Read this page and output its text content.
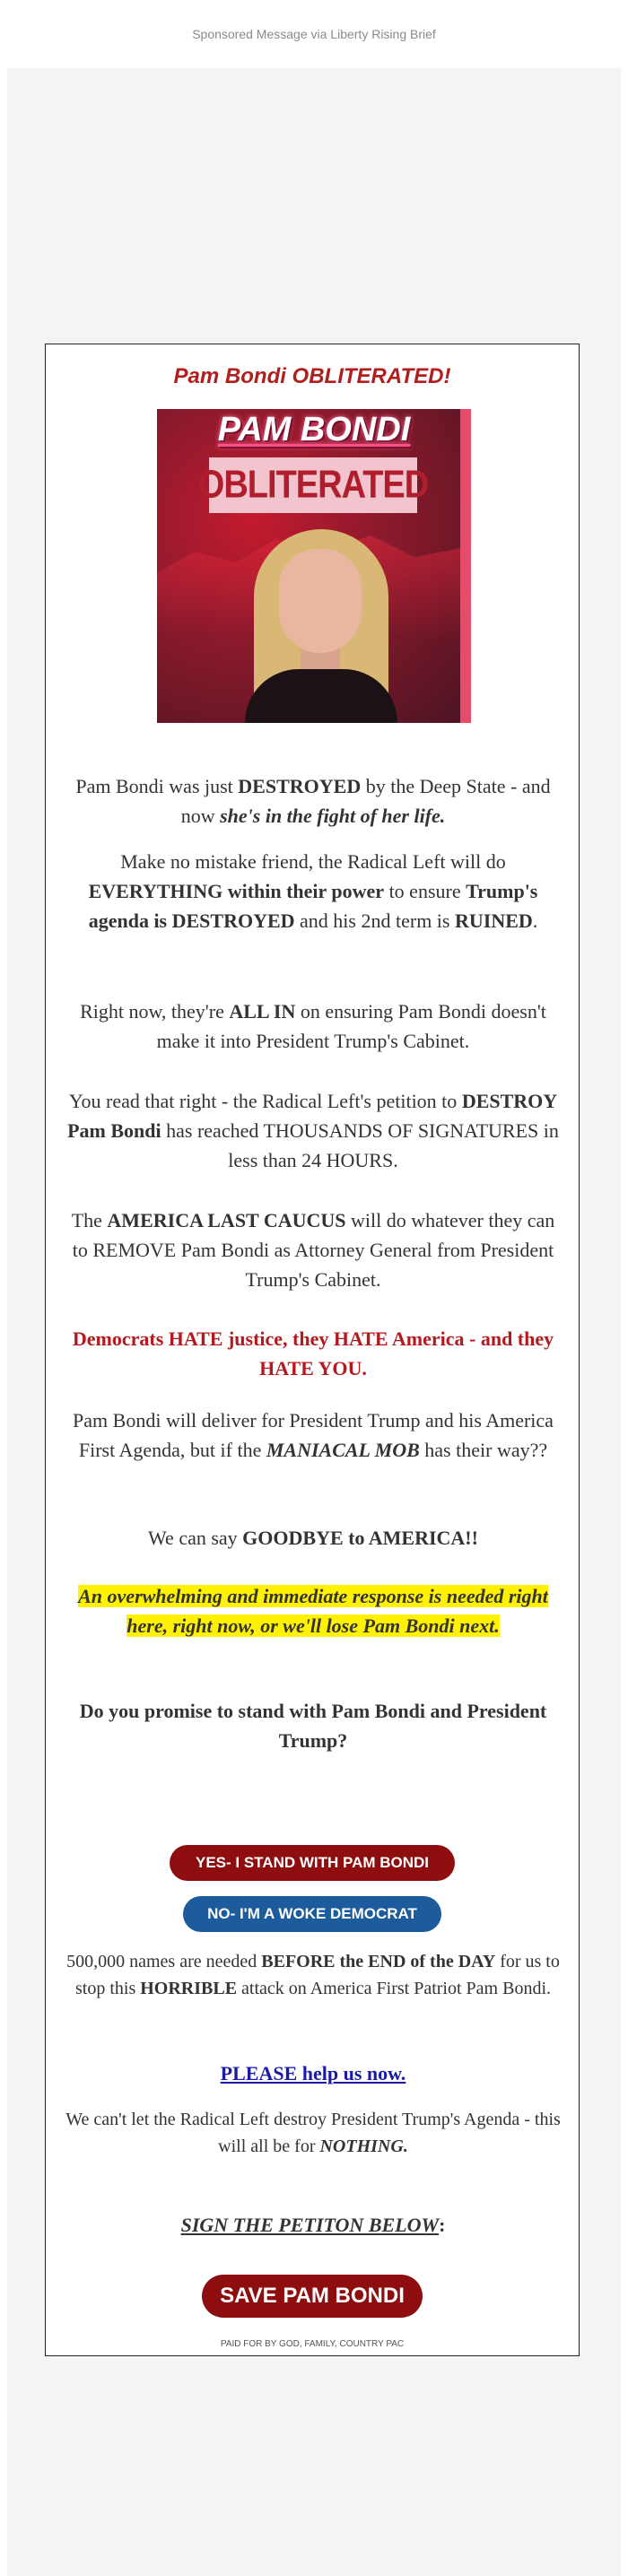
Sponsored Message via Liberty Rising Brief
Pam Bondi OBLITERATED!
PAM BONDI
OBLITERATED
Pam Bondi was just DESTROYED by the Deep State - and now she's in the fight of her life.
Make no mistake friend, the Radical Left will do EVERYTHING within their power to ensure Trump's agenda is DESTROYED and his 2nd term is RUINED.
Right now, they're ALL IN on ensuring Pam Bondi doesn't make it into President Trump's Cabinet.
You read that right - the Radical Left's petition to DESTROY Pam Bondi has reached THOUSANDS OF SIGNATURES in less than 24 HOURS.
The AMERICA LAST CAUCUS will do whatever they can to REMOVE Pam Bondi as Attorney General from President Trump's Cabinet.
Democrats HATE justice, they HATE America - and they HATE YOU.
Pam Bondi will deliver for President Trump and his America First Agenda, but if the MANIACAL MOB has their way??
We can say GOODBYE to AMERICA!!
An overwhelming and immediate response is needed right here, right now, or we'll lose Pam Bondi next.
Do you promise to stand with Pam Bondi and President Trump?
YES- I STAND WITH PAM BONDI
NO- I'M A WOKE DEMOCRAT
500,000 names are needed BEFORE the END of the DAY for us to stop this HORRIBLE attack on America First Patriot Pam Bondi.
PLEASE help us now.
We can't let the Radical Left destroy President Trump's Agenda - this will all be for NOTHING.
SIGN THE PETITON BELOW:
SAVE PAM BONDI
PAID FOR BY GOD, FAMILY, COUNTRY PAC
